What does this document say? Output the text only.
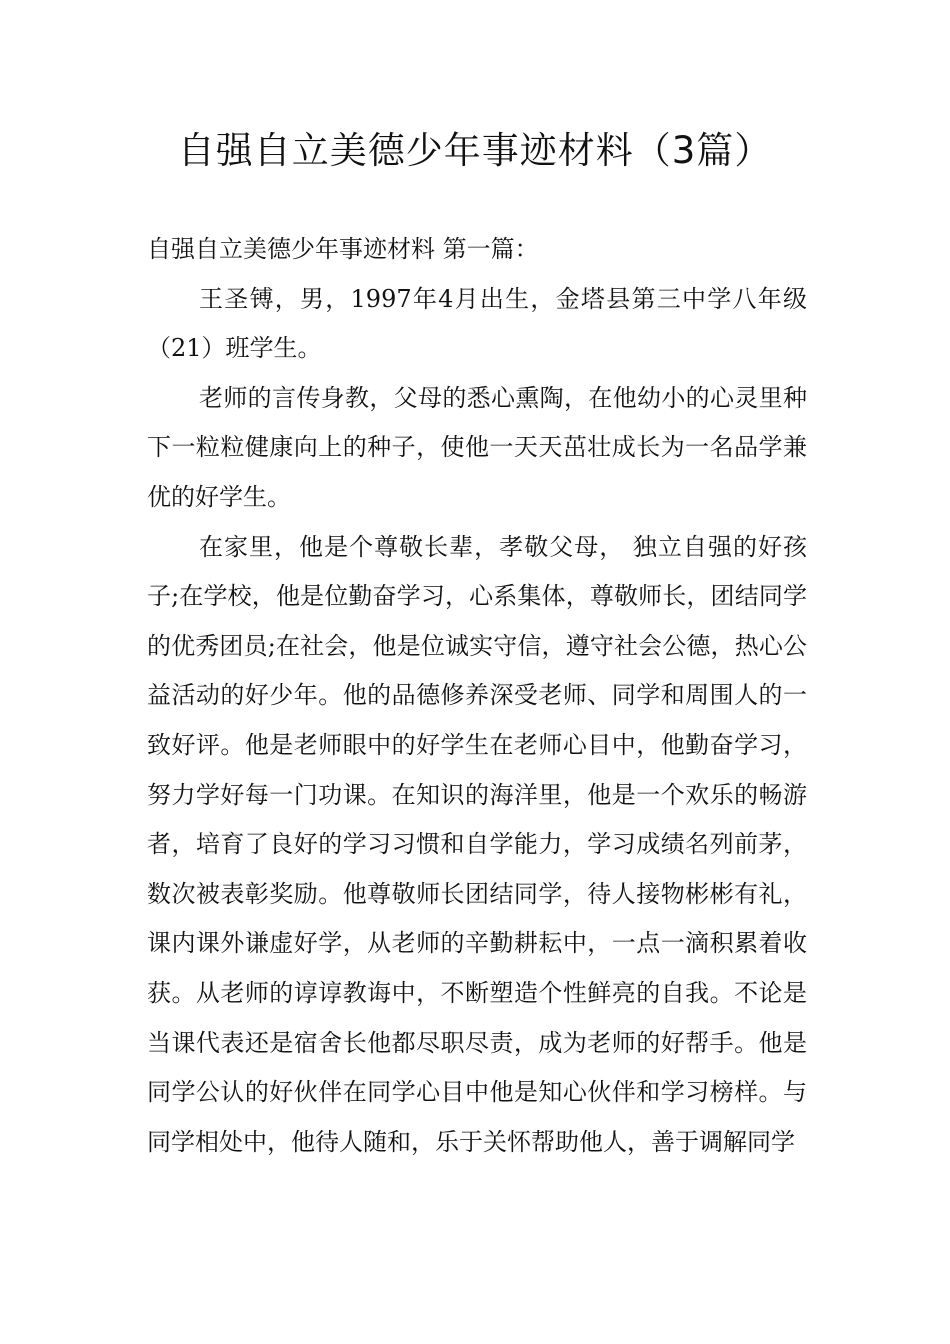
自强自立美德少年事迹材料（3篇）

自强自立美德少年事迹材料 第一篇：

王圣镈，男，1997年4月出生，金塔县第三中学八年级（21）班学生。

老师的言传身教，父母的悉心熏陶，在他幼小的心灵里种下一粒粒健康向上的种子，使他一天天茁壮成长为一名品学兼优的好学生。

在家里，他是个尊敬长辈，孝敬父母， 独立自强的好孩子;在学校，他是位勤奋学习，心系集体，尊敬师长，团结同学的优秀团员;在社会，他是位诚实守信，遵守社会公德，热心公益活动的好少年。他的品德修养深受老师、同学和周围人的一致好评。他是老师眼中的好学生在老师心目中，他勤奋学习，努力学好每一门功课。在知识的海洋里，他是一个欢乐的畅游者，培育了良好的学习习惯和自学能力，学习成绩名列前茅，数次被表彰奖励。他尊敬师长团结同学，待人接物彬彬有礼，课内课外谦虚好学，从老师的辛勤耕耘中，一点一滴积累着收获。从老师的谆谆教诲中，不断塑造个性鲜亮的自我。不论是当课代表还是宿舍长他都尽职尽责，成为老师的好帮手。他是同学公认的好伙伴在同学心目中他是知心伙伴和学习榜样。与同学相处中，他待人随和，乐于关怀帮助他人，善于调解同学
